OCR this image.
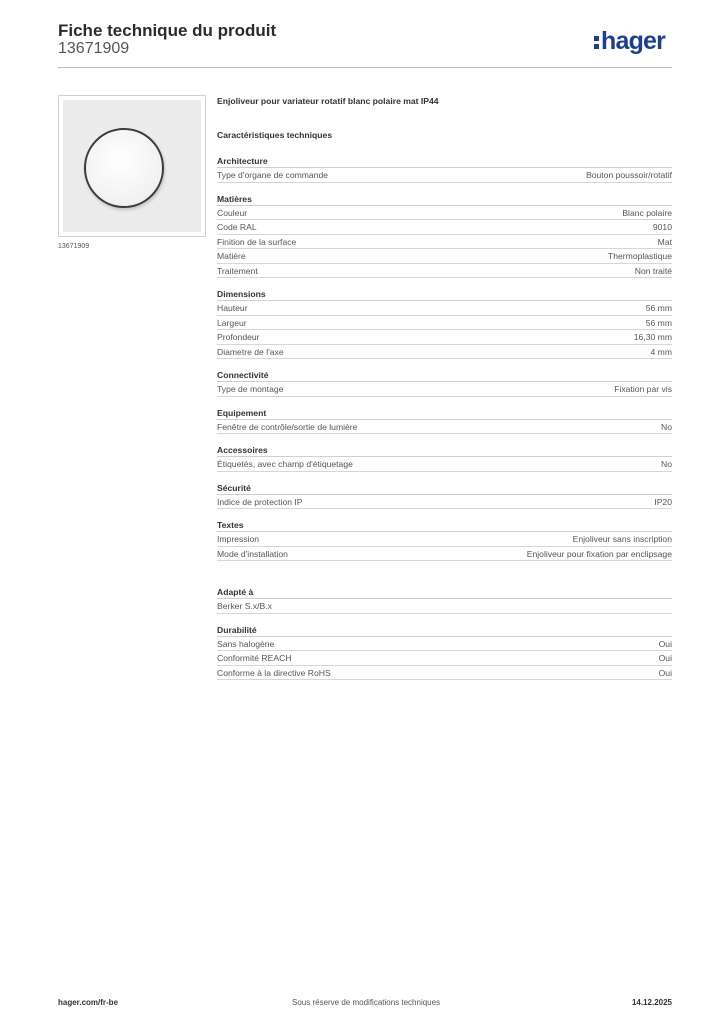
Fiche technique du produit
13671909	hager
13671909
Enjoliveur pour variateur rotatif blanc polaire mat IP44
Caractéristiques techniques
Architecture
Type d'organe de commande	Bouton poussoir/rotatif
Matières
Couleur	Blanc polaire
Code RAL	9010
Finition de la surface	Mat
Matière	Thermoplastique
Traitement	Non traité
Dimensions
Hauteur	56 mm
Largeur	56 mm
Profondeur	16,30 mm
Diametre de l'axe	4 mm
Connectivité
Type de montage	Fixation par vis
Equipement
Fenêtre de contrôle/sortie de lumière	No
Accessoires
Étiquetés, avec champ d'étiquetage	No
Sécurité
Indice de protection IP	IP20
Textes
Impression	Enjoliveur sans inscription
Mode d'installation	Enjoliveur pour fixation par enclipsage
Adapté à
Berker S.x/B.x
Durabilité
Sans halogène	Oui
Conformité REACH	Oui
Conforme à la directive RoHS	Oui
hager.com/fr-be	Sous réserve de modifications techniques	14.12.2025
